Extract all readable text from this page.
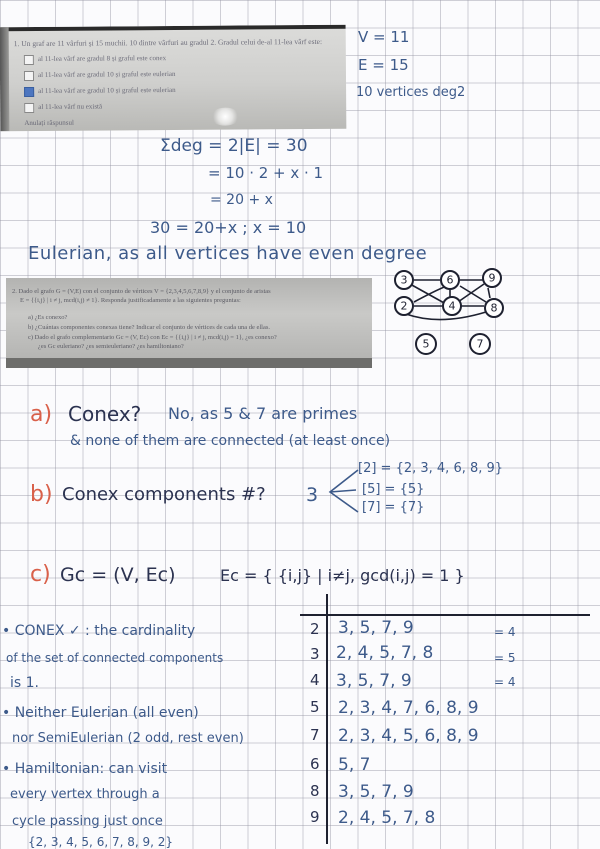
1. Un graf are 11 vârfuri și 15 muchii. 10 dintre vârfuri au gradul 2. Gradul celui de-al 11-lea vârf este:
al 11-lea vârf are gradul 8 și graful este conex
al 11-lea vârf are gradul 10 și graful este eulerian
al 11-lea vârf are gradul 10 și graful este eulerian
al 11-lea vârf nu există
Anulați răspunsul
V = 11
E = 15
10 vertices deg2
Σdeg = 2|E| = 30
= 10 · 2 + x · 1
= 20 + x
30 = 20+x ; x = 10
Eulerian, as all vertices have even degree
2. Dado el grafo G = (V,E) con el conjunto de vértices V = {2,3,4,5,6,7,8,9} y el conjunto de aristas
E = {{i,j} | i ≠ j, mcd(i,j) ≠ 1}. Responda justificadamente a las siguientes preguntas:
a) ¿Es conexo?
b) ¿Cuántas componentes conexas tiene? Indicar el conjunto de vértices de cada una de ellas.
c) Dado el grafo complementario Gc = (V, Ec) con Ec = {{i,j} | i ≠ j, mcd(i,j) = 1}, ¿es conexo?
¿es Gc euleriano? ¿es semieuleriano? ¿es hamiltoniano?
3	6	9
2	4	8
5	7
a) Conex? No, as 5 & 7 are primes
& none of them are connected (at least once)
b) Conex components #? 3
[2] = {2, 3, 4, 6, 8, 9}
[5] = {5}
[7] = {7}
c) Gc = (V, Ec)	Ec = { {i,j} | i≠j, gcd(i,j) = 1 }
• CONEX ✓ : the cardinality
of the set of connected components
is 1.
• Neither Eulerian (all even)
nor SemiEulerian (2 odd, rest even)
• Hamiltonian: can visit
every vertex through a
cycle passing just once
{2, 3, 4, 5, 6, 7, 8, 9, 2}
2 3, 5, 7, 9	= 4
3 2, 4, 5, 7, 8	= 5
4 3, 5, 7, 9	= 4
5 2, 3, 4, 7, 6, 8, 9
7 2, 3, 4, 5, 6, 8, 9
6 5, 7
8 3, 5, 7, 9
9 2, 4, 5, 7, 8
